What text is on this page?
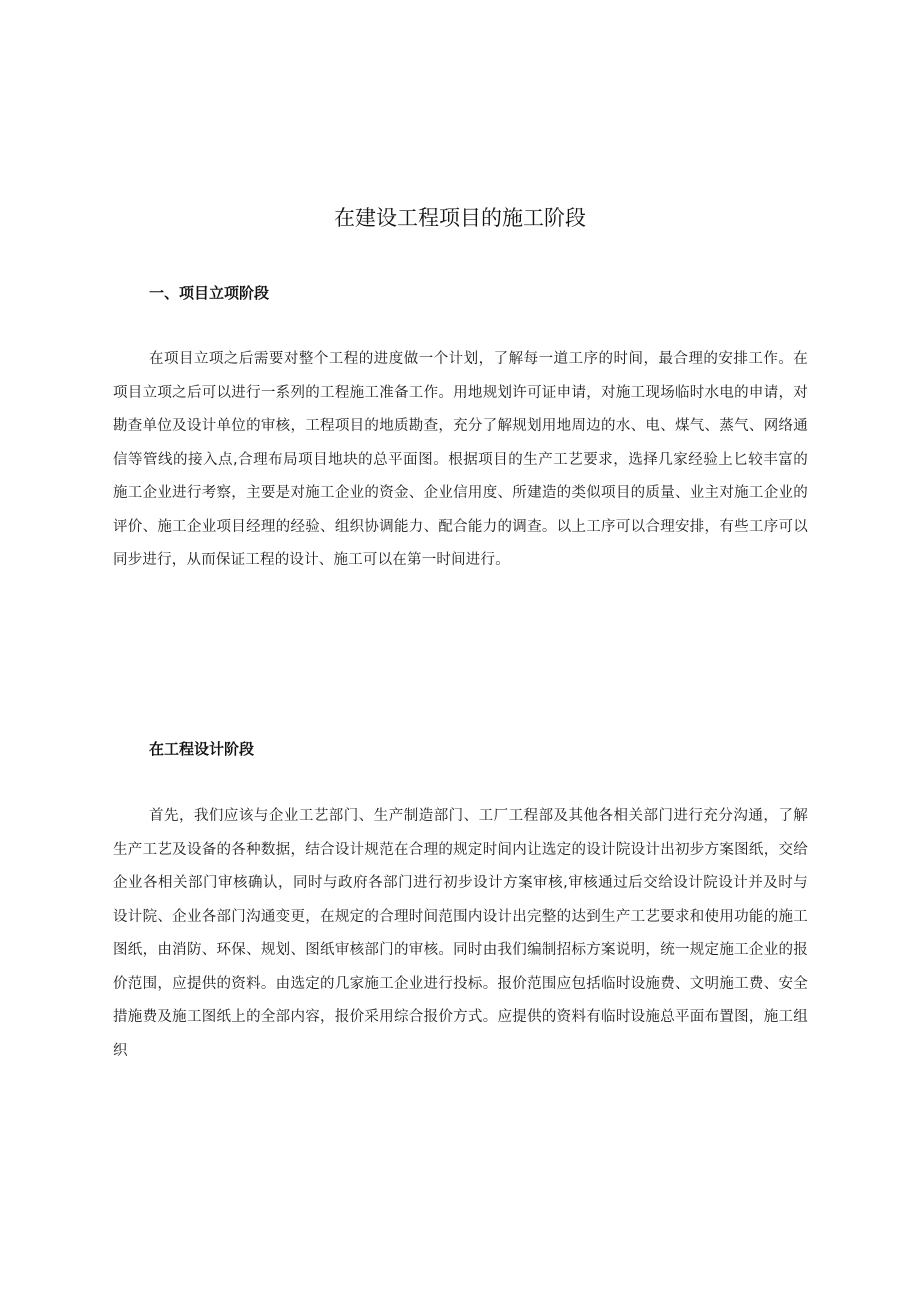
在建设工程项目的施工阶段
一、项目立项阶段

在项目立项之后需要对整个工程的进度做一个计划，了解每一道工序的时间，最合理的安排工作。在项目立项之后可以进行一系列的工程施工准备工作。用地规划许可证申请，对施工现场临时水电的申请，对勘查单位及设计单位的审核，工程项目的地质勘查，充分了解规划用地周边的水、电、煤气、蒸气、网络通信等管线的接入点,合理布局项目地块的总平面图。根据项目的生产工艺要求，选择几家经验上匕较丰富的施工企业进行考察，主要是对施工企业的资金、企业信用度、所建造的类似项目的质量、业主对施工企业的评价、施工企业项目经理的经验、组织协调能力、配合能力的调查。以上工序可以合理安排，有些工序可以同步进行，从而保证工程的设计、施工可以在第一时间进行。

在工程设计阶段

首先，我们应该与企业工艺部门、生产制造部门、工厂工程部及其他各相关部门进行充分沟通，了解生产工艺及设备的各种数据，结合设计规范在合理的规定时间内让选定的设计院设计出初步方案图纸，交给企业各相关部门审核确认，同时与政府各部门进行初步设计方案审核,审核通过后交给设计院设计并及时与设计院、企业各部门沟通变更，在规定的合理时间范围内设计出完整的达到生产工艺要求和使用功能的施工图纸，由消防、环保、规划、图纸审核部门的审核。同时由我们编制招标方案说明，统一规定施工企业的报价范围，应提供的资料。由选定的几家施工企业进行投标。报价范围应包括临时设施费、文明施工费、安全措施费及施工图纸上的全部内容，报价采用综合报价方式。应提供的资料有临时设施总平面布置图，施工组织
